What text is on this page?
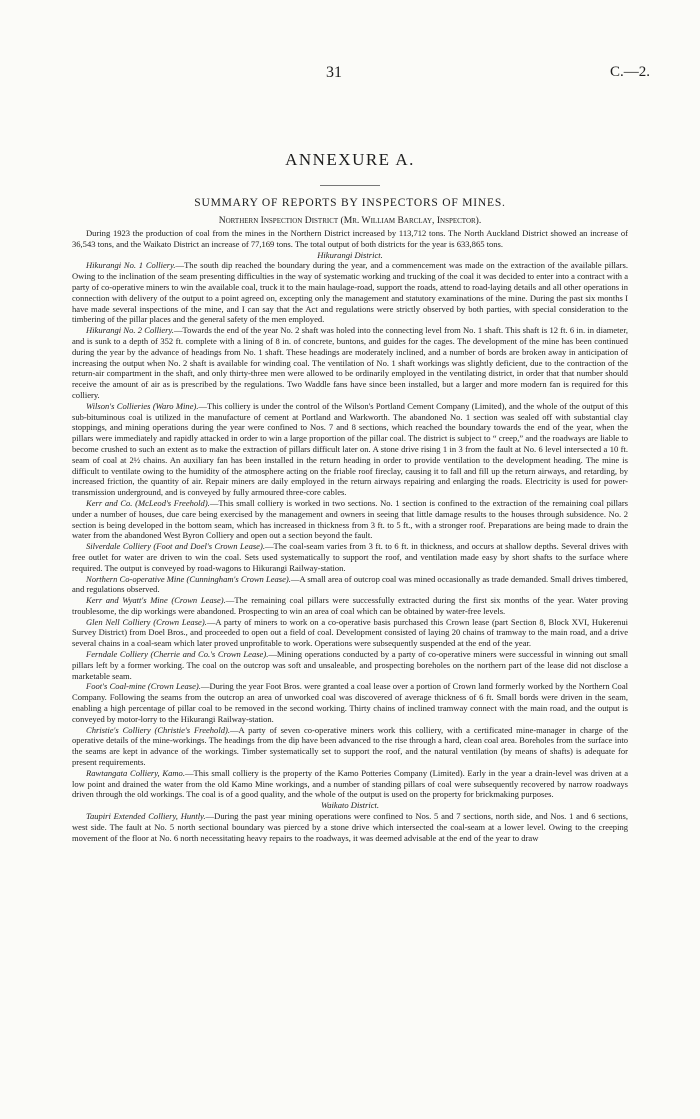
31	C.—2.
ANNEXURE A.
SUMMARY OF REPORTS BY INSPECTORS OF MINES.
Northern Inspection District (Mr. William Barclay, Inspector).

During 1923 the production of coal from the mines in the Northern District increased by 113,712 tons. The North Auckland District showed an increase of 36,543 tons, and the Waikato District an increase of 77,169 tons. The total output of both districts for the year is 633,865 tons.

Hikurangi District.

Hikurangi No. 1 Colliery.—The south dip reached the boundary during the year, and a commencement was made on the extraction of the available pillars. Owing to the inclination of the seam presenting difficulties in the way of systematic working and trucking of the coal it was decided to enter into a contract with a party of co-operative miners to win the available coal, truck it to the main haulage-road, support the roads, attend to road-laying details and all other operations in connection with delivery of the output to a point agreed on, excepting only the management and statutory examinations of the mine. During the past six months I have made several inspections of the mine, and I can say that the Act and regulations were strictly observed by both parties, with special consideration to the timbering of the pillar places and the general safety of the men employed.

Hikurangi No. 2 Colliery.—Towards the end of the year No. 2 shaft was holed into the connecting level from No. 1 shaft. This shaft is 12 ft. 6 in. in diameter, and is sunk to a depth of 352 ft. complete with a lining of 8 in. of concrete, buntons, and guides for the cages. The development of the mine has been continued during the year by the advance of headings from No. 1 shaft. These headings are moderately inclined, and a number of bords are broken away in anticipation of increasing the output when No. 2 shaft is available for winding coal. The ventilation of No. 1 shaft workings was slightly deficient, due to the contraction of the return-air compartment in the shaft, and only thirty-three men were allowed to be ordinarily employed in the ventilating district, in order that that number should receive the amount of air as is prescribed by the regulations. Two Waddle fans have since been installed, but a larger and more modern fan is required for this colliery.

Wilson's Collieries (Waro Mine).—This colliery is under the control of the Wilson's Portland Cement Company (Limited), and the whole of the output of this sub-bituminous coal is utilized in the manufacture of cement at Portland and Warkworth. The abandoned No. 1 section was sealed off with substantial clay stoppings, and mining operations during the year were confined to Nos. 7 and 8 sections, which reached the boundary towards the end of the year, when the pillars were immediately and rapidly attacked in order to win a large proportion of the pillar coal. The district is subject to “ creep,” and the roadways are liable to become crushed to such an extent as to make the extraction of pillars difficult later on. A stone drive rising 1 in 3 from the fault at No. 6 level intersected a 10 ft. seam of coal at 2½ chains. An auxiliary fan has been installed in the return heading in order to provide ventilation to the development heading. The mine is difficult to ventilate owing to the humidity of the atmosphere acting on the friable roof fireclay, causing it to fall and fill up the return airways, and retarding, by increased friction, the quantity of air. Repair miners are daily employed in the return airways repairing and enlarging the roads. Electricity is used for power-transmission underground, and is conveyed by fully armoured three-core cables.

Kerr and Co. (McLeod's Freehold).—This small colliery is worked in two sections. No. 1 section is confined to the extraction of the remaining coal pillars under a number of houses, due care being exercised by the management and owners in seeing that little damage results to the houses through subsidence. No. 2 section is being developed in the bottom seam, which has increased in thickness from 3 ft. to 5 ft., with a stronger roof. Preparations are being made to drain the water from the abandoned West Byron Colliery and open out a section beyond the fault.

Silverdale Colliery (Foot and Doel's Crown Lease).—The coal-seam varies from 3 ft. to 6 ft. in thickness, and occurs at shallow depths. Several drives with free outlet for water are driven to win the coal. Sets used systematically to support the roof, and ventilation made easy by short shafts to the surface where required. The output is conveyed by road-wagons to Hikurangi Railway-station.

Northern Co-operative Mine (Cunningham's Crown Lease).—A small area of outcrop coal was mined occasionally as trade demanded. Small drives timbered, and regulations observed.

Kerr and Wyatt's Mine (Crown Lease).—The remaining coal pillars were successfully extracted during the first six months of the year. Water proving troublesome, the dip workings were abandoned. Prospecting to win an area of coal which can be obtained by water-free levels.

Glen Nell Colliery (Crown Lease).—A party of miners to work on a co-operative basis purchased this Crown lease (part Section 8, Block XVI, Hukerenui Survey District) from Doel Bros., and proceeded to open out a field of coal. Development consisted of laying 20 chains of tramway to the main road, and a drive several chains in a coal-seam which later proved unprofitable to work. Operations were subsequently suspended at the end of the year.

Ferndale Colliery (Cherrie and Co.'s Crown Lease).—Mining operations conducted by a party of co-operative miners were successful in winning out small pillars left by a former working. The coal on the outcrop was soft and unsaleable, and prospecting boreholes on the northern part of the lease did not disclose a marketable seam.

Foot's Coal-mine (Crown Lease).—During the year Foot Bros. were granted a coal lease over a portion of Crown land formerly worked by the Northern Coal Company. Following the seams from the outcrop an area of unworked coal was discovered of average thickness of 6 ft. Small bords were driven in the seam, enabling a high percentage of pillar coal to be removed in the second working. Thirty chains of inclined tramway connect with the main road, and the output is conveyed by motor-lorry to the Hikurangi Railway-station.

Christie's Colliery (Christie's Freehold).—A party of seven co-operative miners work this colliery, with a certificated mine-manager in charge of the operative details of the mine-workings. The headings from the dip have been advanced to the rise through a hard, clean coal area. Boreholes from the surface into the seams are kept in advance of the workings. Timber systematically set to support the roof, and the natural ventilation (by means of shafts) is adequate for present requirements.

Rawtangata Colliery, Kamo.—This small colliery is the property of the Kamo Potteries Company (Limited). Early in the year a drain-level was driven at a low point and drained the water from the old Kamo Mine workings, and a number of standing pillars of coal were subsequently recovered by narrow roadways driven through the old workings. The coal is of a good quality, and the whole of the output is used on the property for brickmaking purposes.

Waikato District.

Taupiri Extended Colliery, Huntly.—During the past year mining operations were confined to Nos. 5 and 7 sections, north side, and Nos. 1 and 6 sections, west side. The fault at No. 5 north sectional boundary was pierced by a stone drive which intersected the coal-seam at a lower level. Owing to the creeping movement of the floor at No. 6 north necessitating heavy repairs to the roadways, it was deemed advisable at the end of the year to draw
